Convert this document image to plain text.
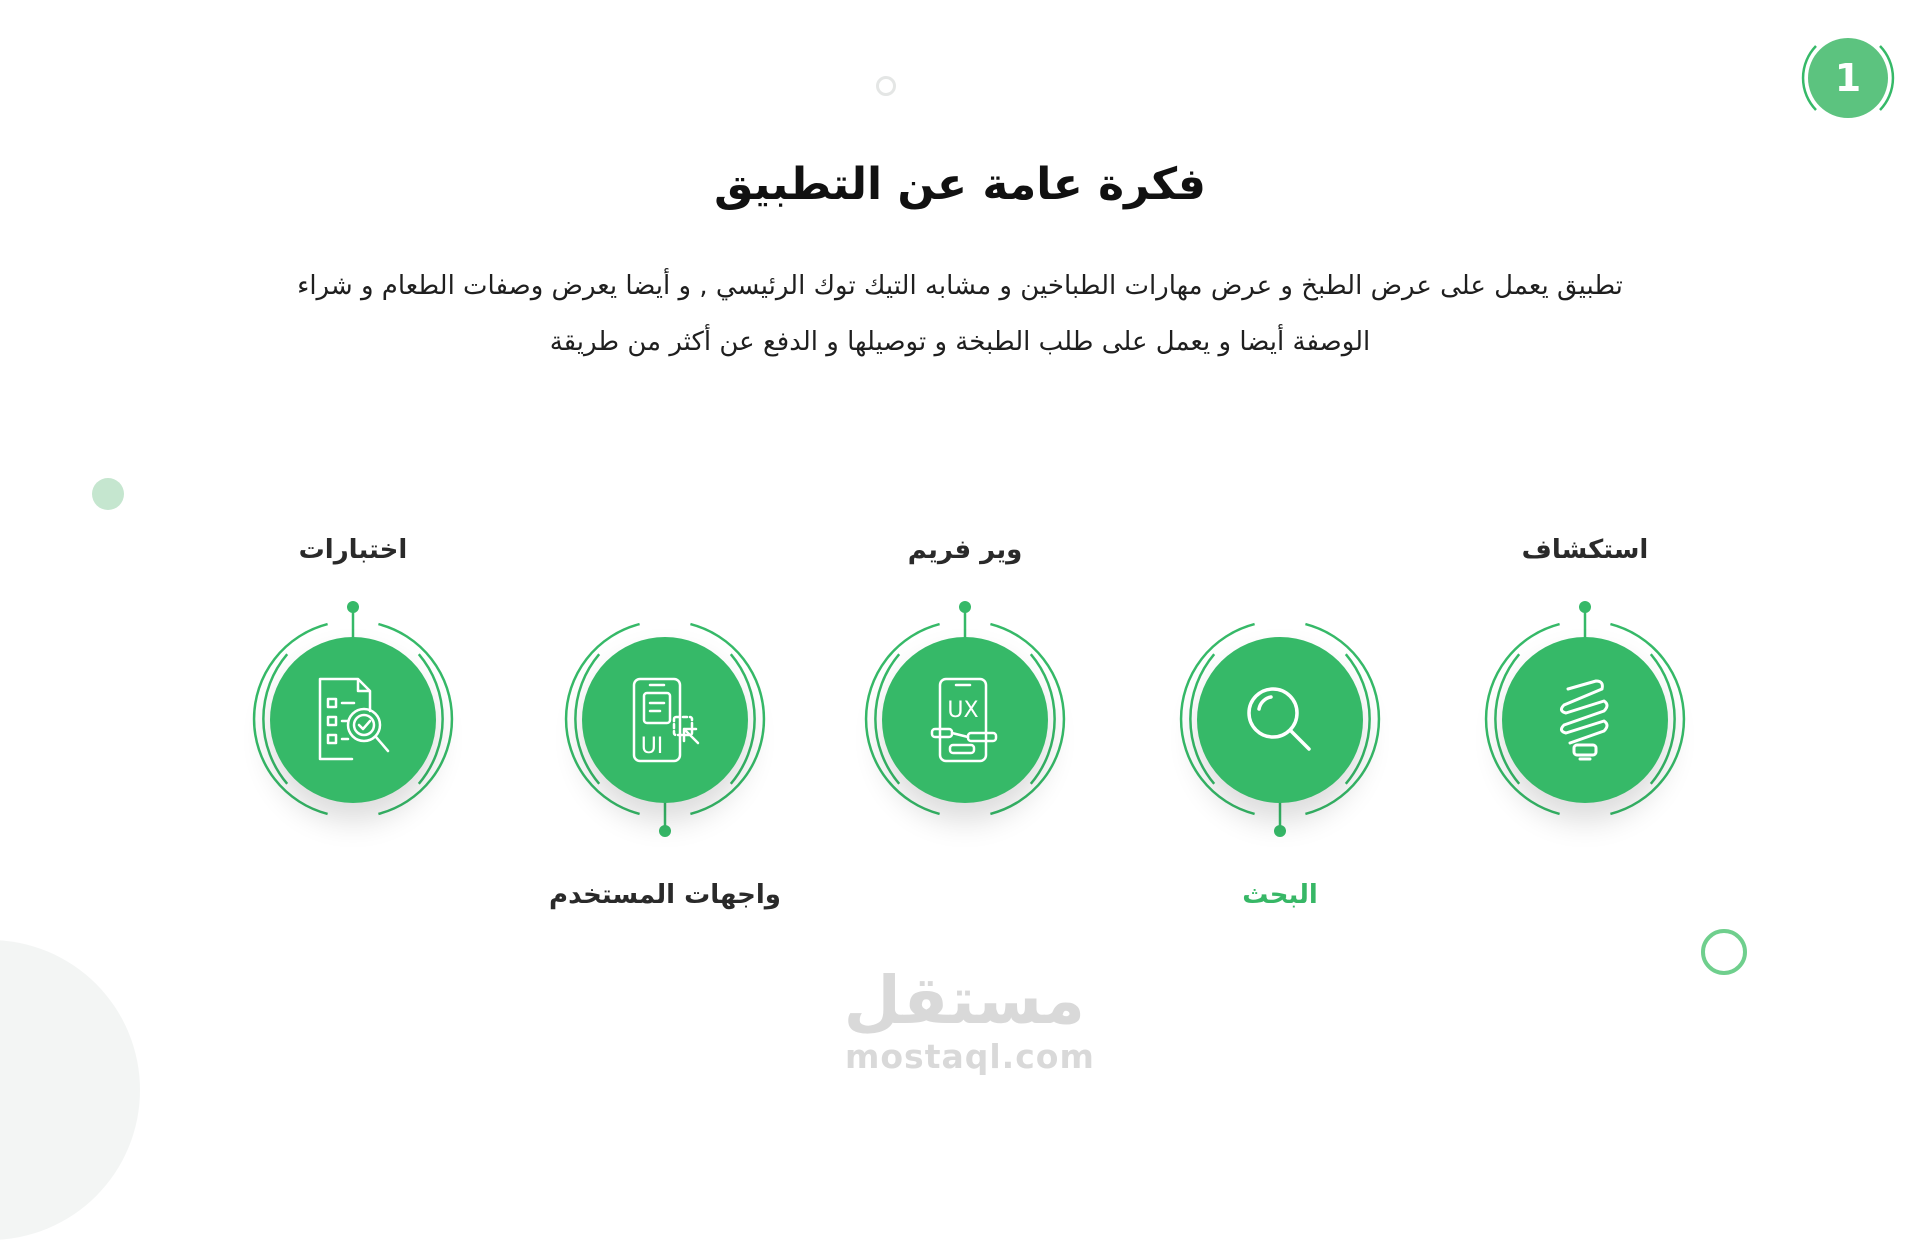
1
فكرة عامة عن التطبيق
تطبيق يعمل على عرض الطبخ و عرض مهارات الطباخين و مشابه التيك توك الرئيسي , و أيضا يعرض وصفات الطعام و شراء
الوصفة أيضا و يعمل على طلب الطبخة و توصيلها و الدفع عن أكثر من طريقة
استكشاف
البحث
وير فريم
UX
UI
واجهات المستخدم
اختبارات
مستقل
mostaql.com
